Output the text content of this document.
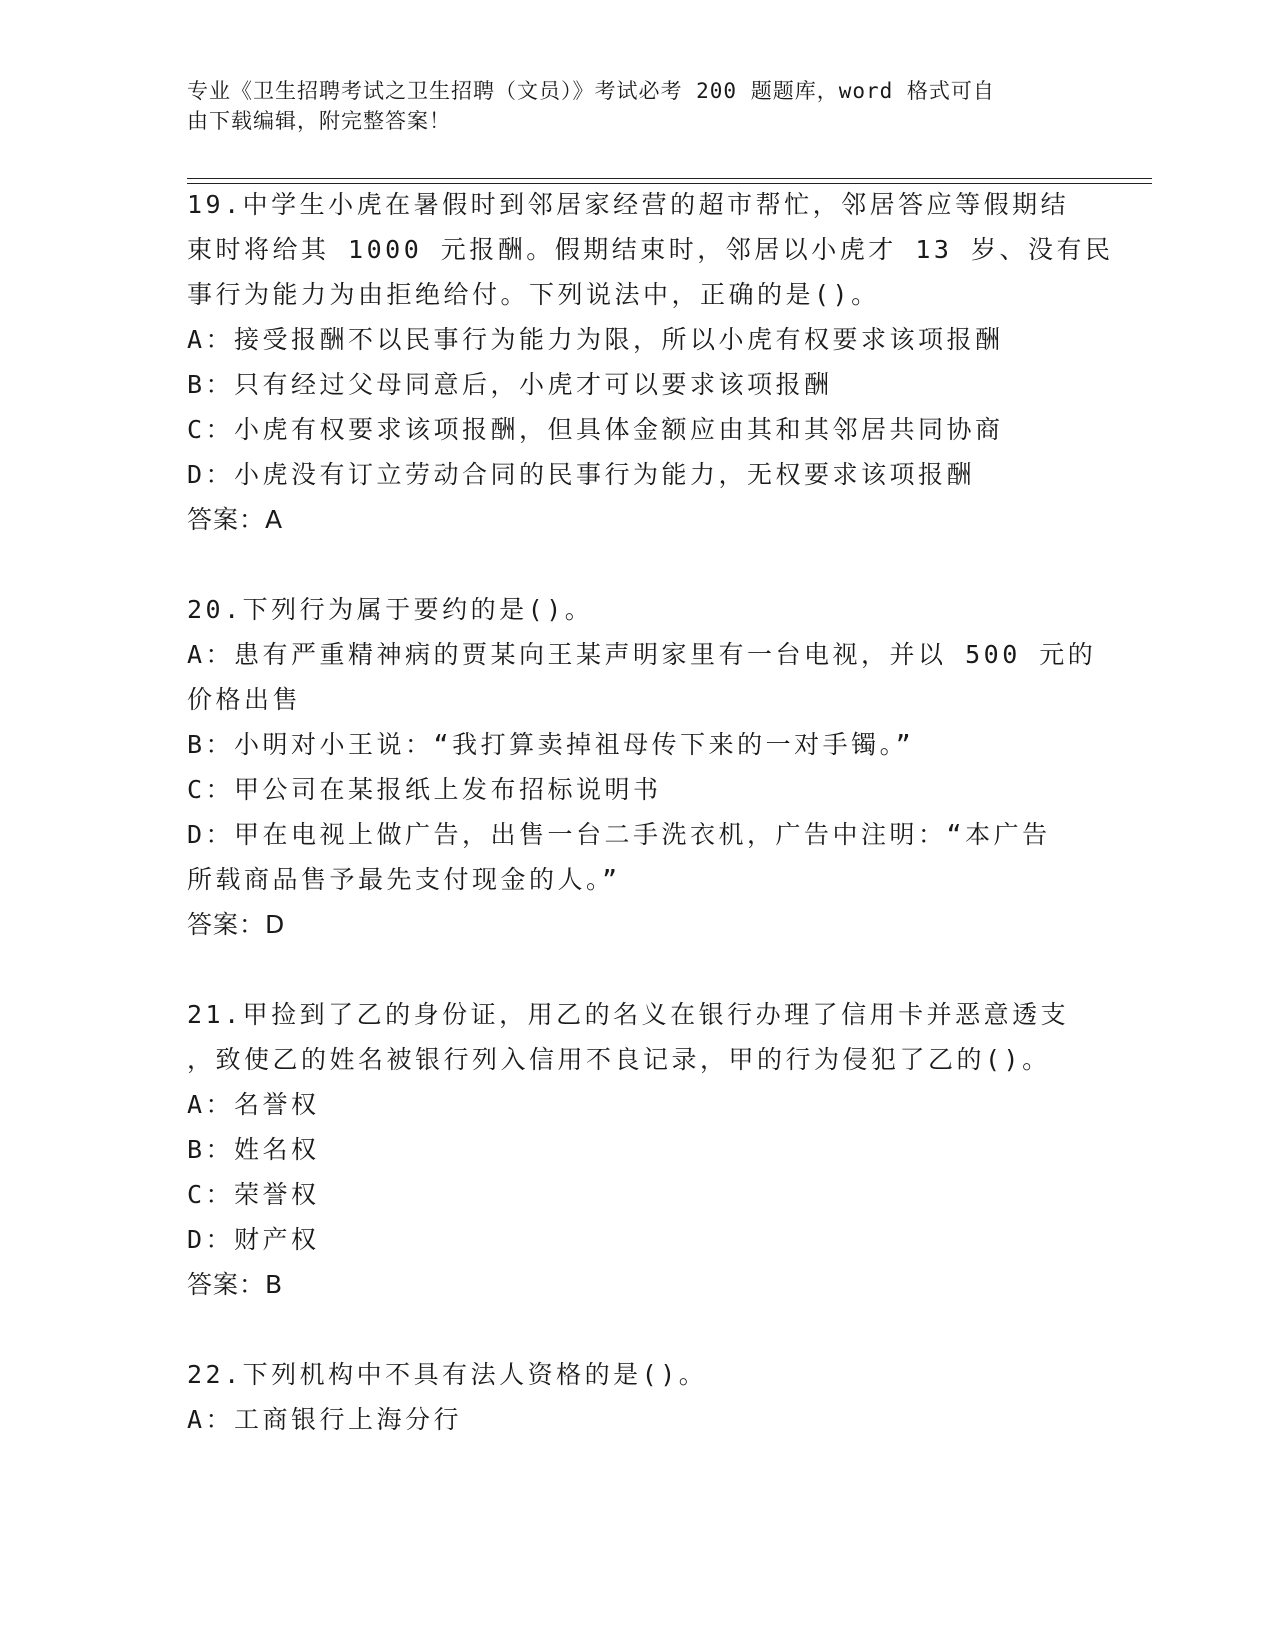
专业《卫生招聘考试之卫生招聘（文员）》考试必考 200 题题库，word 格式可自
由下载编辑，附完整答案！
19.中学生小虎在暑假时到邻居家经营的超市帮忙，邻居答应等假期结
束时将给其 1000 元报酬。假期结束时，邻居以小虎才 13 岁、没有民
事行为能力为由拒绝给付。下列说法中，正确的是()。
A：接受报酬不以民事行为能力为限，所以小虎有权要求该项报酬
B：只有经过父母同意后，小虎才可以要求该项报酬
C：小虎有权要求该项报酬，但具体金额应由其和其邻居共同协商
D：小虎没有订立劳动合同的民事行为能力，无权要求该项报酬
答案：A
20.下列行为属于要约的是()。
A：患有严重精神病的贾某向王某声明家里有一台电视，并以 500 元的
价格出售
B：小明对小王说：“我打算卖掉祖母传下来的一对手镯。”
C：甲公司在某报纸上发布招标说明书
D：甲在电视上做广告，出售一台二手洗衣机，广告中注明：“本广告
所载商品售予最先支付现金的人。”
答案：D
21.甲捡到了乙的身份证，用乙的名义在银行办理了信用卡并恶意透支
，致使乙的姓名被银行列入信用不良记录，甲的行为侵犯了乙的()。
A：名誉权
B：姓名权
C：荣誉权
D：财产权
答案：B
22.下列机构中不具有法人资格的是()。
A：工商银行上海分行
